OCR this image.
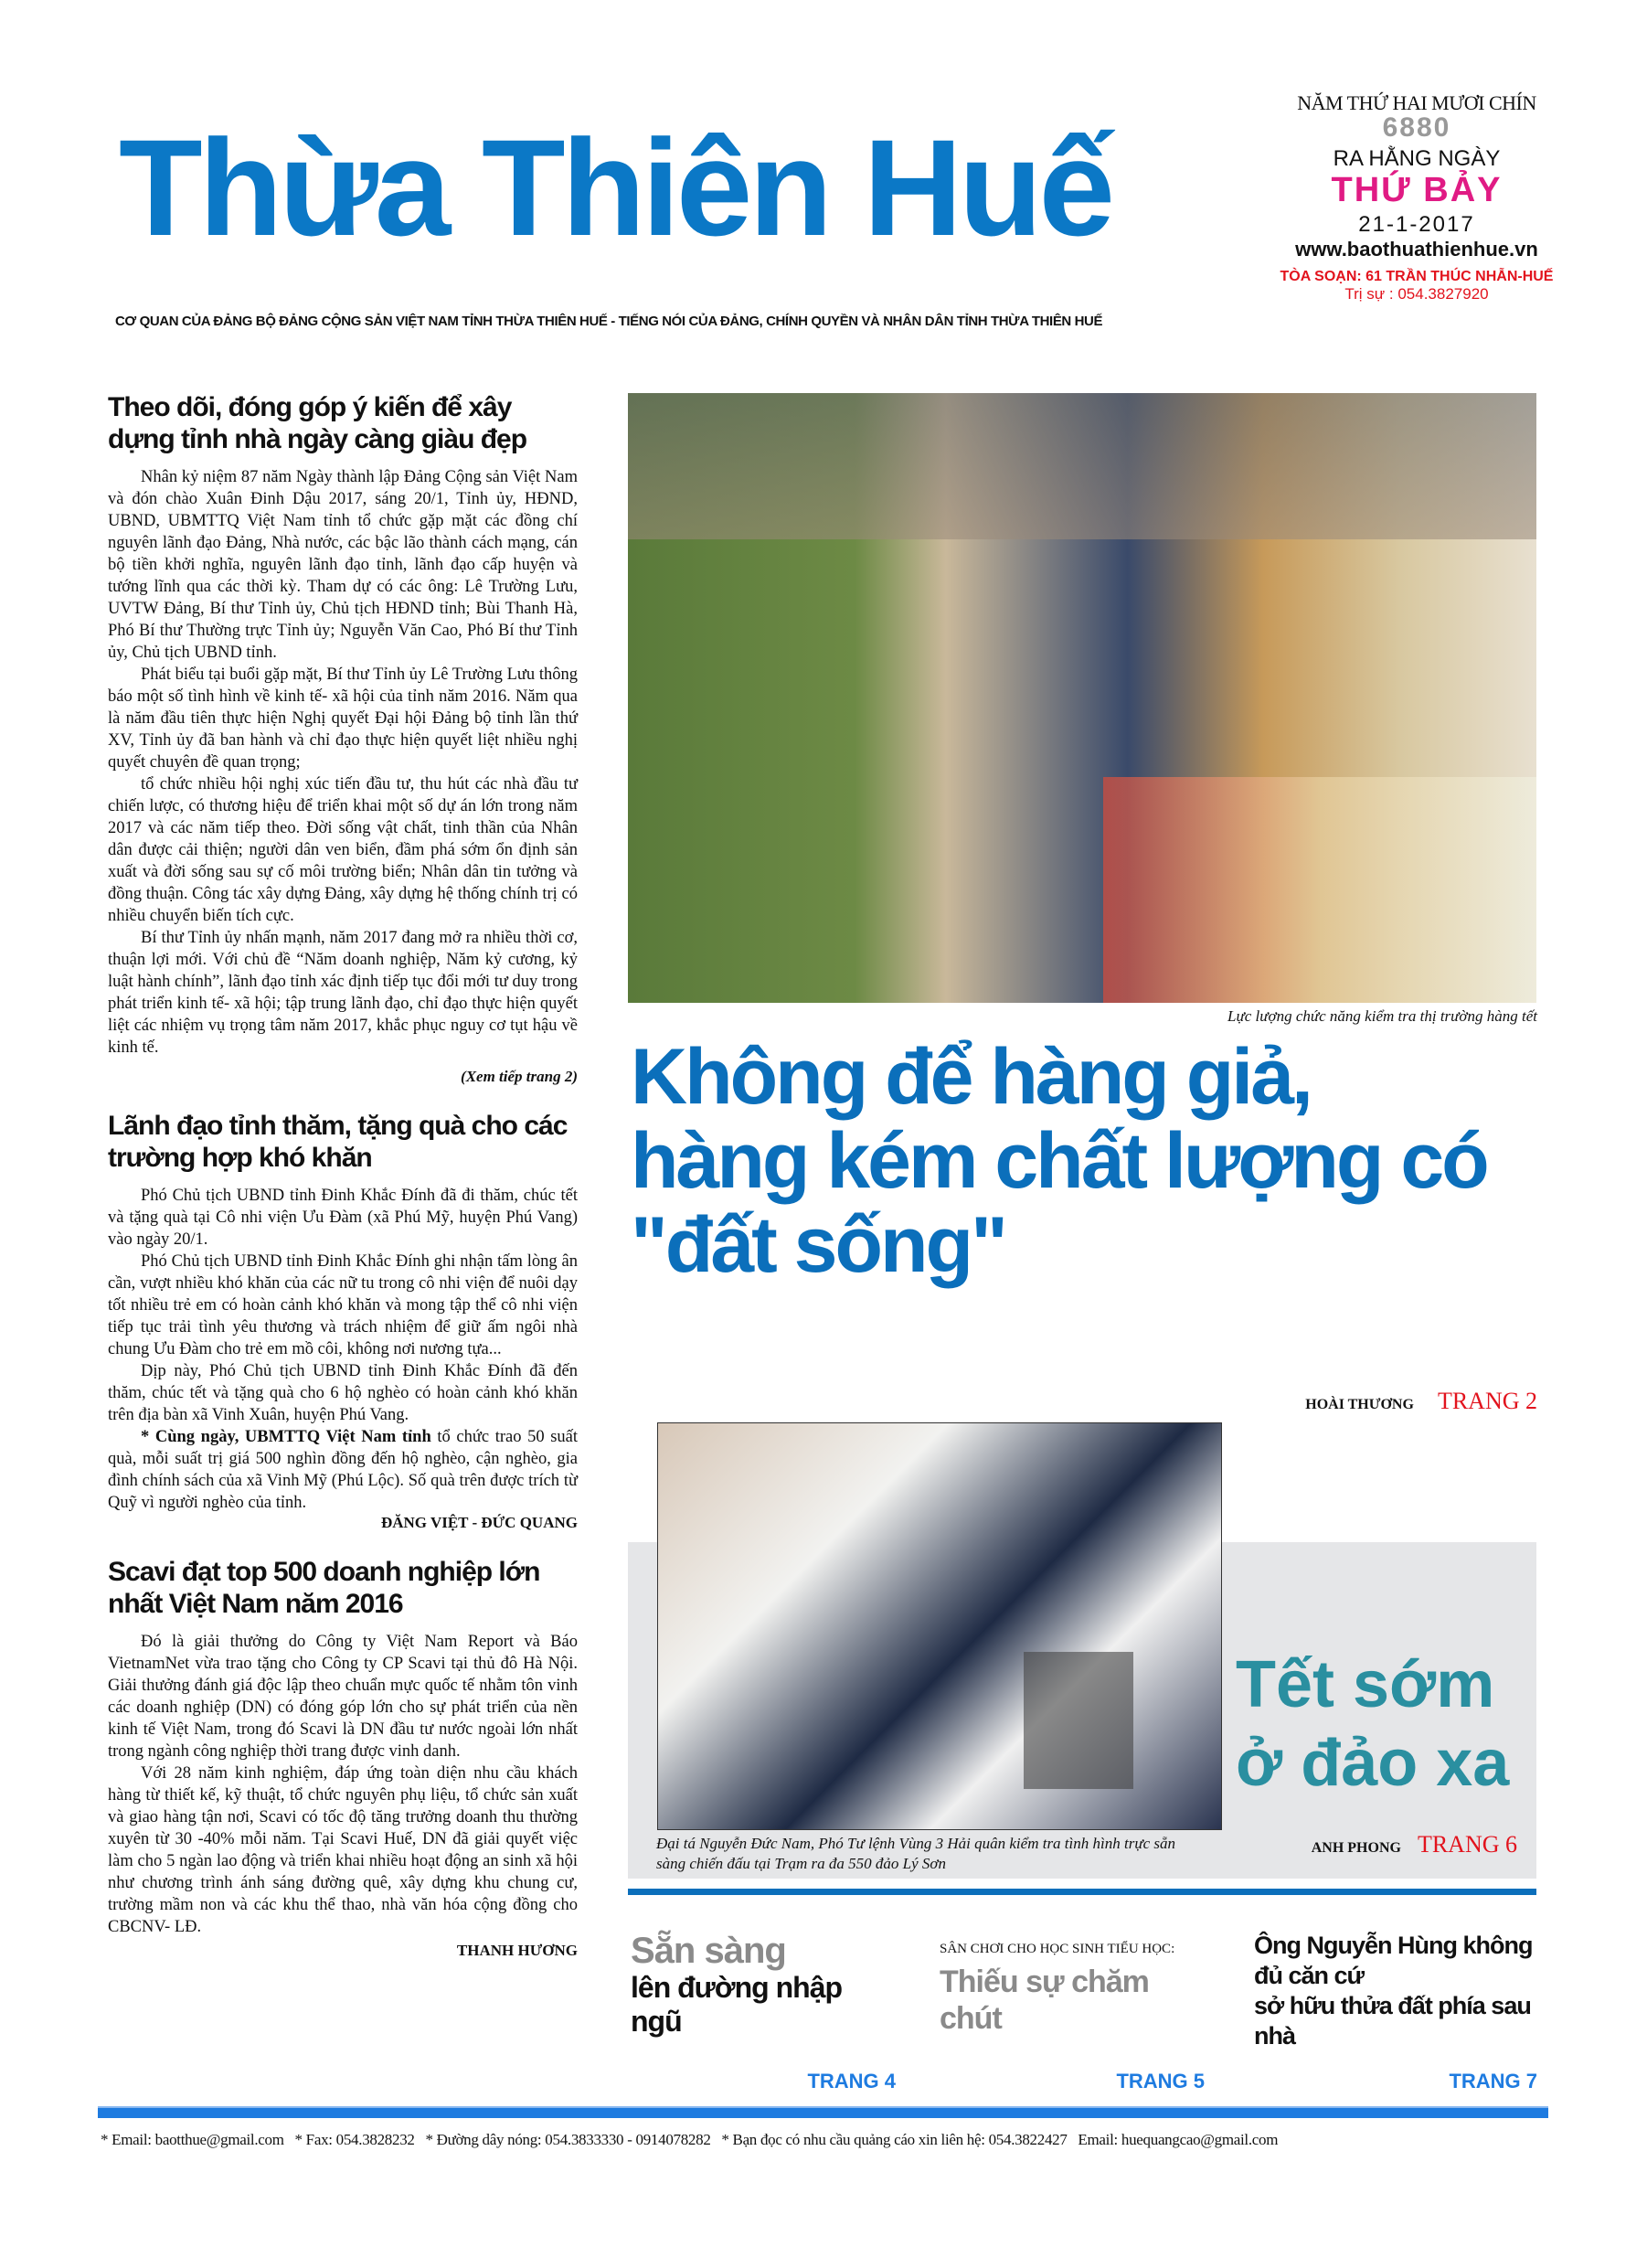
Thừa Thiên Huế
NĂM THỨ HAI MƯƠI CHÍN
6880
RA HẰNG NGÀY
THỨ BẢY
21-1-2017
www.baothuathienhue.vn
TÒA SOẠN: 61 TRẦN THÚC NHẪN-HUẾ
Trị sự : 054.3827920
CƠ QUAN CỦA ĐẢNG BỘ ĐẢNG CỘNG SẢN VIỆT NAM TỈNH THỪA THIÊN HUẾ - TIẾNG NÓI CỦA ĐẢNG, CHÍNH QUYỀN VÀ NHÂN DÂN TỈNH THỪA THIÊN HUẾ
Theo dõi, đóng góp ý kiến để xây dựng tỉnh nhà ngày càng giàu đẹp

Nhân kỷ niệm 87 năm Ngày thành lập Đảng Cộng sản Việt Nam và đón chào Xuân Đinh Dậu 2017, sáng 20/1, Tỉnh ủy, HĐND, UBND, UBMTTQ Việt Nam tỉnh tổ chức gặp mặt các đồng chí nguyên lãnh đạo Đảng, Nhà nước, các bậc lão thành cách mạng, cán bộ tiền khởi nghĩa, nguyên lãnh đạo tỉnh, lãnh đạo cấp huyện và tướng lĩnh qua các thời kỳ. Tham dự có các ông: Lê Trường Lưu, UVTW Đảng, Bí thư Tỉnh ủy, Chủ tịch HĐND tỉnh; Bùi Thanh Hà, Phó Bí thư Thường trực Tỉnh ủy; Nguyễn Văn Cao, Phó Bí thư Tỉnh ủy, Chủ tịch UBND tỉnh.

Phát biểu tại buổi gặp mặt, Bí thư Tỉnh ủy Lê Trường Lưu thông báo một số tình hình về kinh tế- xã hội của tỉnh năm 2016. Năm qua là năm đầu tiên thực hiện Nghị quyết Đại hội Đảng bộ tỉnh lần thứ XV, Tỉnh ủy đã ban hành và chỉ đạo thực hiện quyết liệt nhiều nghị quyết chuyên đề quan trọng;

tổ chức nhiều hội nghị xúc tiến đầu tư, thu hút các nhà đầu tư chiến lược, có thương hiệu để triển khai một số dự án lớn trong năm 2017 và các năm tiếp theo. Đời sống vật chất, tinh thần của Nhân dân được cải thiện; người dân ven biển, đầm phá sớm ổn định sản xuất và đời sống sau sự cố môi trường biển; Nhân dân tin tưởng và đồng thuận. Công tác xây dựng Đảng, xây dựng hệ thống chính trị có nhiều chuyển biến tích cực.

Bí thư Tỉnh ủy nhấn mạnh, năm 2017 đang mở ra nhiều thời cơ, thuận lợi mới. Với chủ đề “Năm doanh nghiệp, Năm kỷ cương, kỷ luật hành chính”, lãnh đạo tỉnh xác định tiếp tục đổi mới tư duy trong phát triển kinh tế- xã hội; tập trung lãnh đạo, chỉ đạo thực hiện quyết liệt các nhiệm vụ trọng tâm năm 2017, khắc phục nguy cơ tụt hậu về kinh tế.

(Xem tiếp trang 2)
Lãnh đạo tỉnh thăm, tặng quà cho các trường hợp khó khăn

Phó Chủ tịch UBND tỉnh Đinh Khắc Đính đã đi thăm, chúc tết và tặng quà tại Cô nhi viện Ưu Đàm (xã Phú Mỹ, huyện Phú Vang) vào ngày 20/1.

Phó Chủ tịch UBND tỉnh Đinh Khắc Đính ghi nhận tấm lòng ân cần, vượt nhiều khó khăn của các nữ tu trong cô nhi viện để nuôi dạy tốt nhiều trẻ em có hoàn cảnh khó khăn và mong tập thể cô nhi viện tiếp tục trải tình yêu thương và trách nhiệm để giữ ấm ngôi nhà chung Ưu Đàm cho trẻ em mồ côi, không nơi nương tựa...

Dịp này, Phó Chủ tịch UBND tỉnh Đinh Khắc Đính đã đến thăm, chúc tết và tặng quà cho 6 hộ nghèo có hoàn cảnh khó khăn trên địa bàn xã Vinh Xuân, huyện Phú Vang.

* Cùng ngày, UBMTTQ Việt Nam tỉnh tổ chức trao 50 suất quà, mỗi suất trị giá 500 nghìn đồng đến hộ nghèo, cận nghèo, gia đình chính sách của xã Vinh Mỹ (Phú Lộc). Số quà trên được trích từ Quỹ vì người nghèo của tỉnh.

ĐĂNG VIỆT - ĐỨC QUANG
Scavi đạt top 500 doanh nghiệp lớn nhất Việt Nam năm 2016

Đó là giải thưởng do Công ty Việt Nam Report và Báo VietnamNet vừa trao tặng cho Công ty CP Scavi tại thủ đô Hà Nội. Giải thưởng đánh giá độc lập theo chuẩn mực quốc tế nhằm tôn vinh các doanh nghiệp (DN) có đóng góp lớn cho sự phát triển của nền kinh tế Việt Nam, trong đó Scavi là DN đầu tư nước ngoài lớn nhất trong ngành công nghiệp thời trang được vinh danh.

Với 28 năm kinh nghiệm, đáp ứng toàn diện nhu cầu khách hàng từ thiết kế, kỹ thuật, tổ chức nguyên phụ liệu, tổ chức sản xuất và giao hàng tận nơi, Scavi có tốc độ tăng trưởng doanh thu thường xuyên từ 30 -40% mỗi năm. Tại Scavi Huế, DN đã giải quyết việc làm cho 5 ngàn lao động và triển khai nhiều hoạt động an sinh xã hội như chương trình ánh sáng đường quê, xây dựng khu chung cư, trường mầm non và các khu thể thao, nhà văn hóa cộng đồng cho CBCNV- LĐ.

THANH HƯƠNG
Lực lượng chức năng kiểm tra thị trường hàng tết
Không để hàng giả,
hàng kém chất lượng có "đất sống"
HOÀI THƯƠNG TRANG 2
Tết sớm
ở đảo xa
Đại tá Nguyễn Đức Nam, Phó Tư lệnh Vùng 3 Hải quân kiểm tra tình hình trực sẵn sàng chiến đấu tại Trạm ra đa 550 đảo Lý Sơn
ANH PHONG TRANG 6
Sẵn sàng
lên đường nhập ngũ
TRANG 4
SÂN CHƠI CHO HỌC SINH TIỂU HỌC:
Thiếu sự chăm chút
TRANG 5
Ông Nguyễn Hùng không đủ căn cứ
sở hữu thửa đất phía sau nhà
TRANG 7
* Email: baotthue@gmail.com * Fax: 054.3828232 * Đường dây nóng: 054.3833330 - 0914078282 * Bạn đọc có nhu cầu quảng cáo xin liên hệ: 054.3822427 Email: huequangcao@gmail.com
